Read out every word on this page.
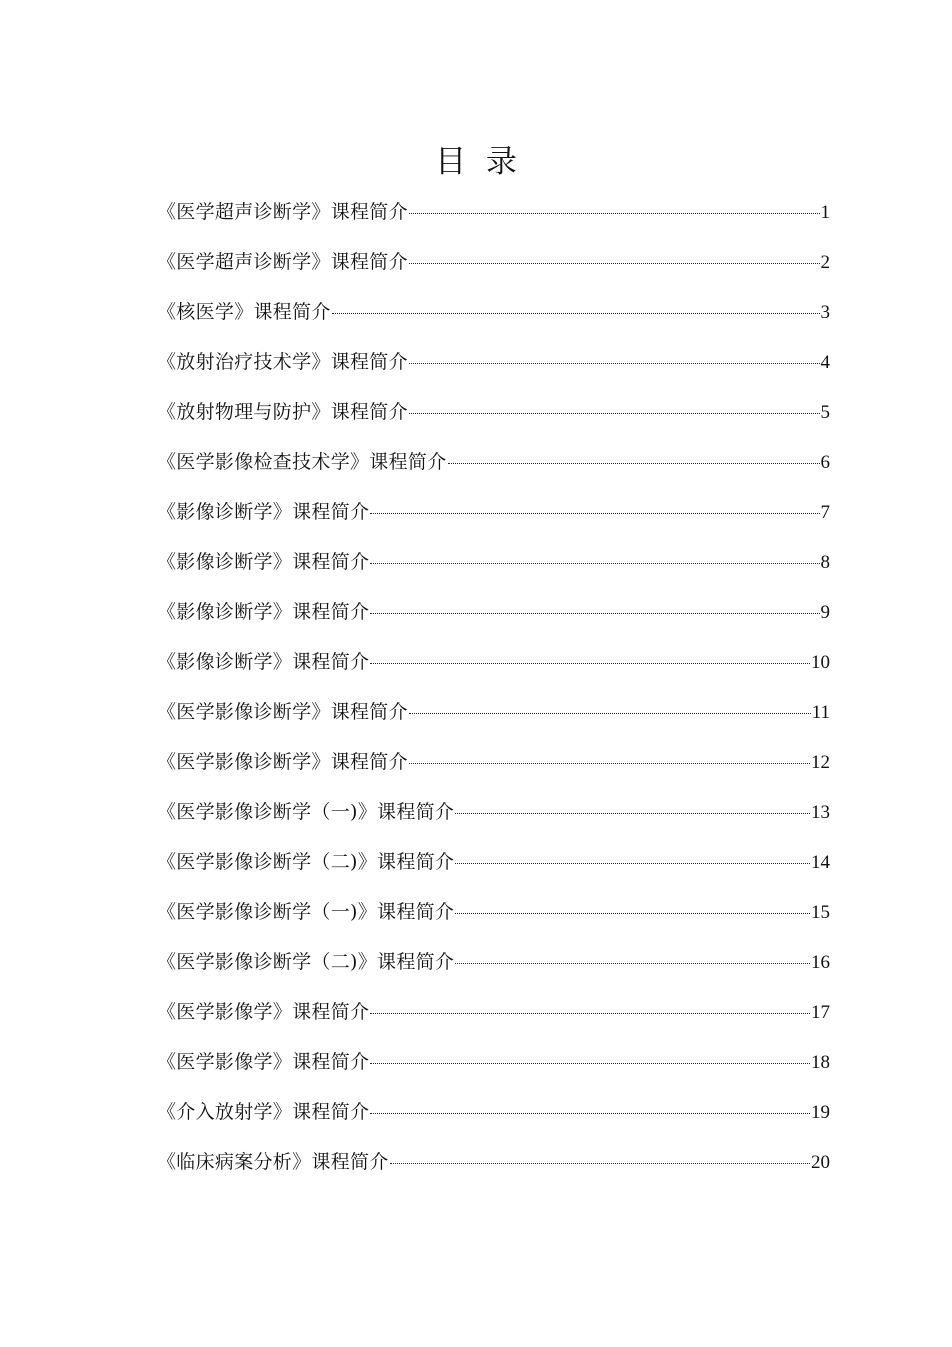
目  录
《医学超声诊断学》课程简介	1
《医学超声诊断学》课程简介	2
《核医学》课程简介	3
《放射治疗技术学》课程简介	4
《放射物理与防护》课程简介	5
《医学影像检查技术学》课程简介	6
《影像诊断学》课程简介	7
《影像诊断学》课程简介	8
《影像诊断学》课程简介	9
《影像诊断学》课程简介	10
《医学影像诊断学》课程简介	11
《医学影像诊断学》课程简介	12
《医学影像诊断学（一)》课程简介	13
《医学影像诊断学（二)》课程简介	14
《医学影像诊断学（一)》课程简介	15
《医学影像诊断学（二)》课程简介	16
《医学影像学》课程简介	17
《医学影像学》课程简介	18
《介入放射学》课程简介	19
《临床病案分析》课程简介	20
